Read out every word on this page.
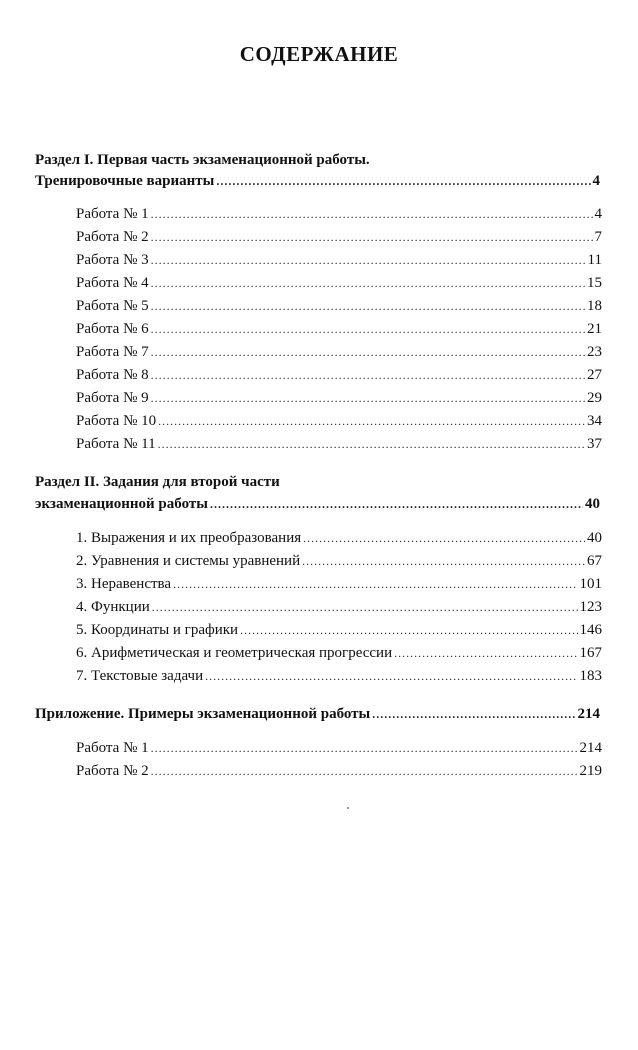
СОДЕРЖАНИЕ
Раздел I. Первая часть экзаменационной работы.
Тренировочные варианты .....	4
Работа № 1 .....	4
Работа № 2 .....	7
Работа № 3 .....	11
Работа № 4 .....	15
Работа № 5 .....	18
Работа № 6 .....	21
Работа № 7 .....	23
Работа № 8 .....	27
Работа № 9 .....	29
Работа № 10 .....	34
Работа № 11 .....	37
Раздел II. Задания для второй части
экзаменационной работы .....	40
1. Выражения и их преобразования .....	40
2. Уравнения и системы уравнений .....	67
3. Неравенства .....	101
4. Функции .....	123
5. Координаты и графики .....	146
6. Арифметическая и геометрическая прогрессии .....	167
7. Текстовые задачи .....	183
Приложение. Примеры экзаменационной работы .....	214
Работа № 1 .....	214
Работа № 2 .....	219
